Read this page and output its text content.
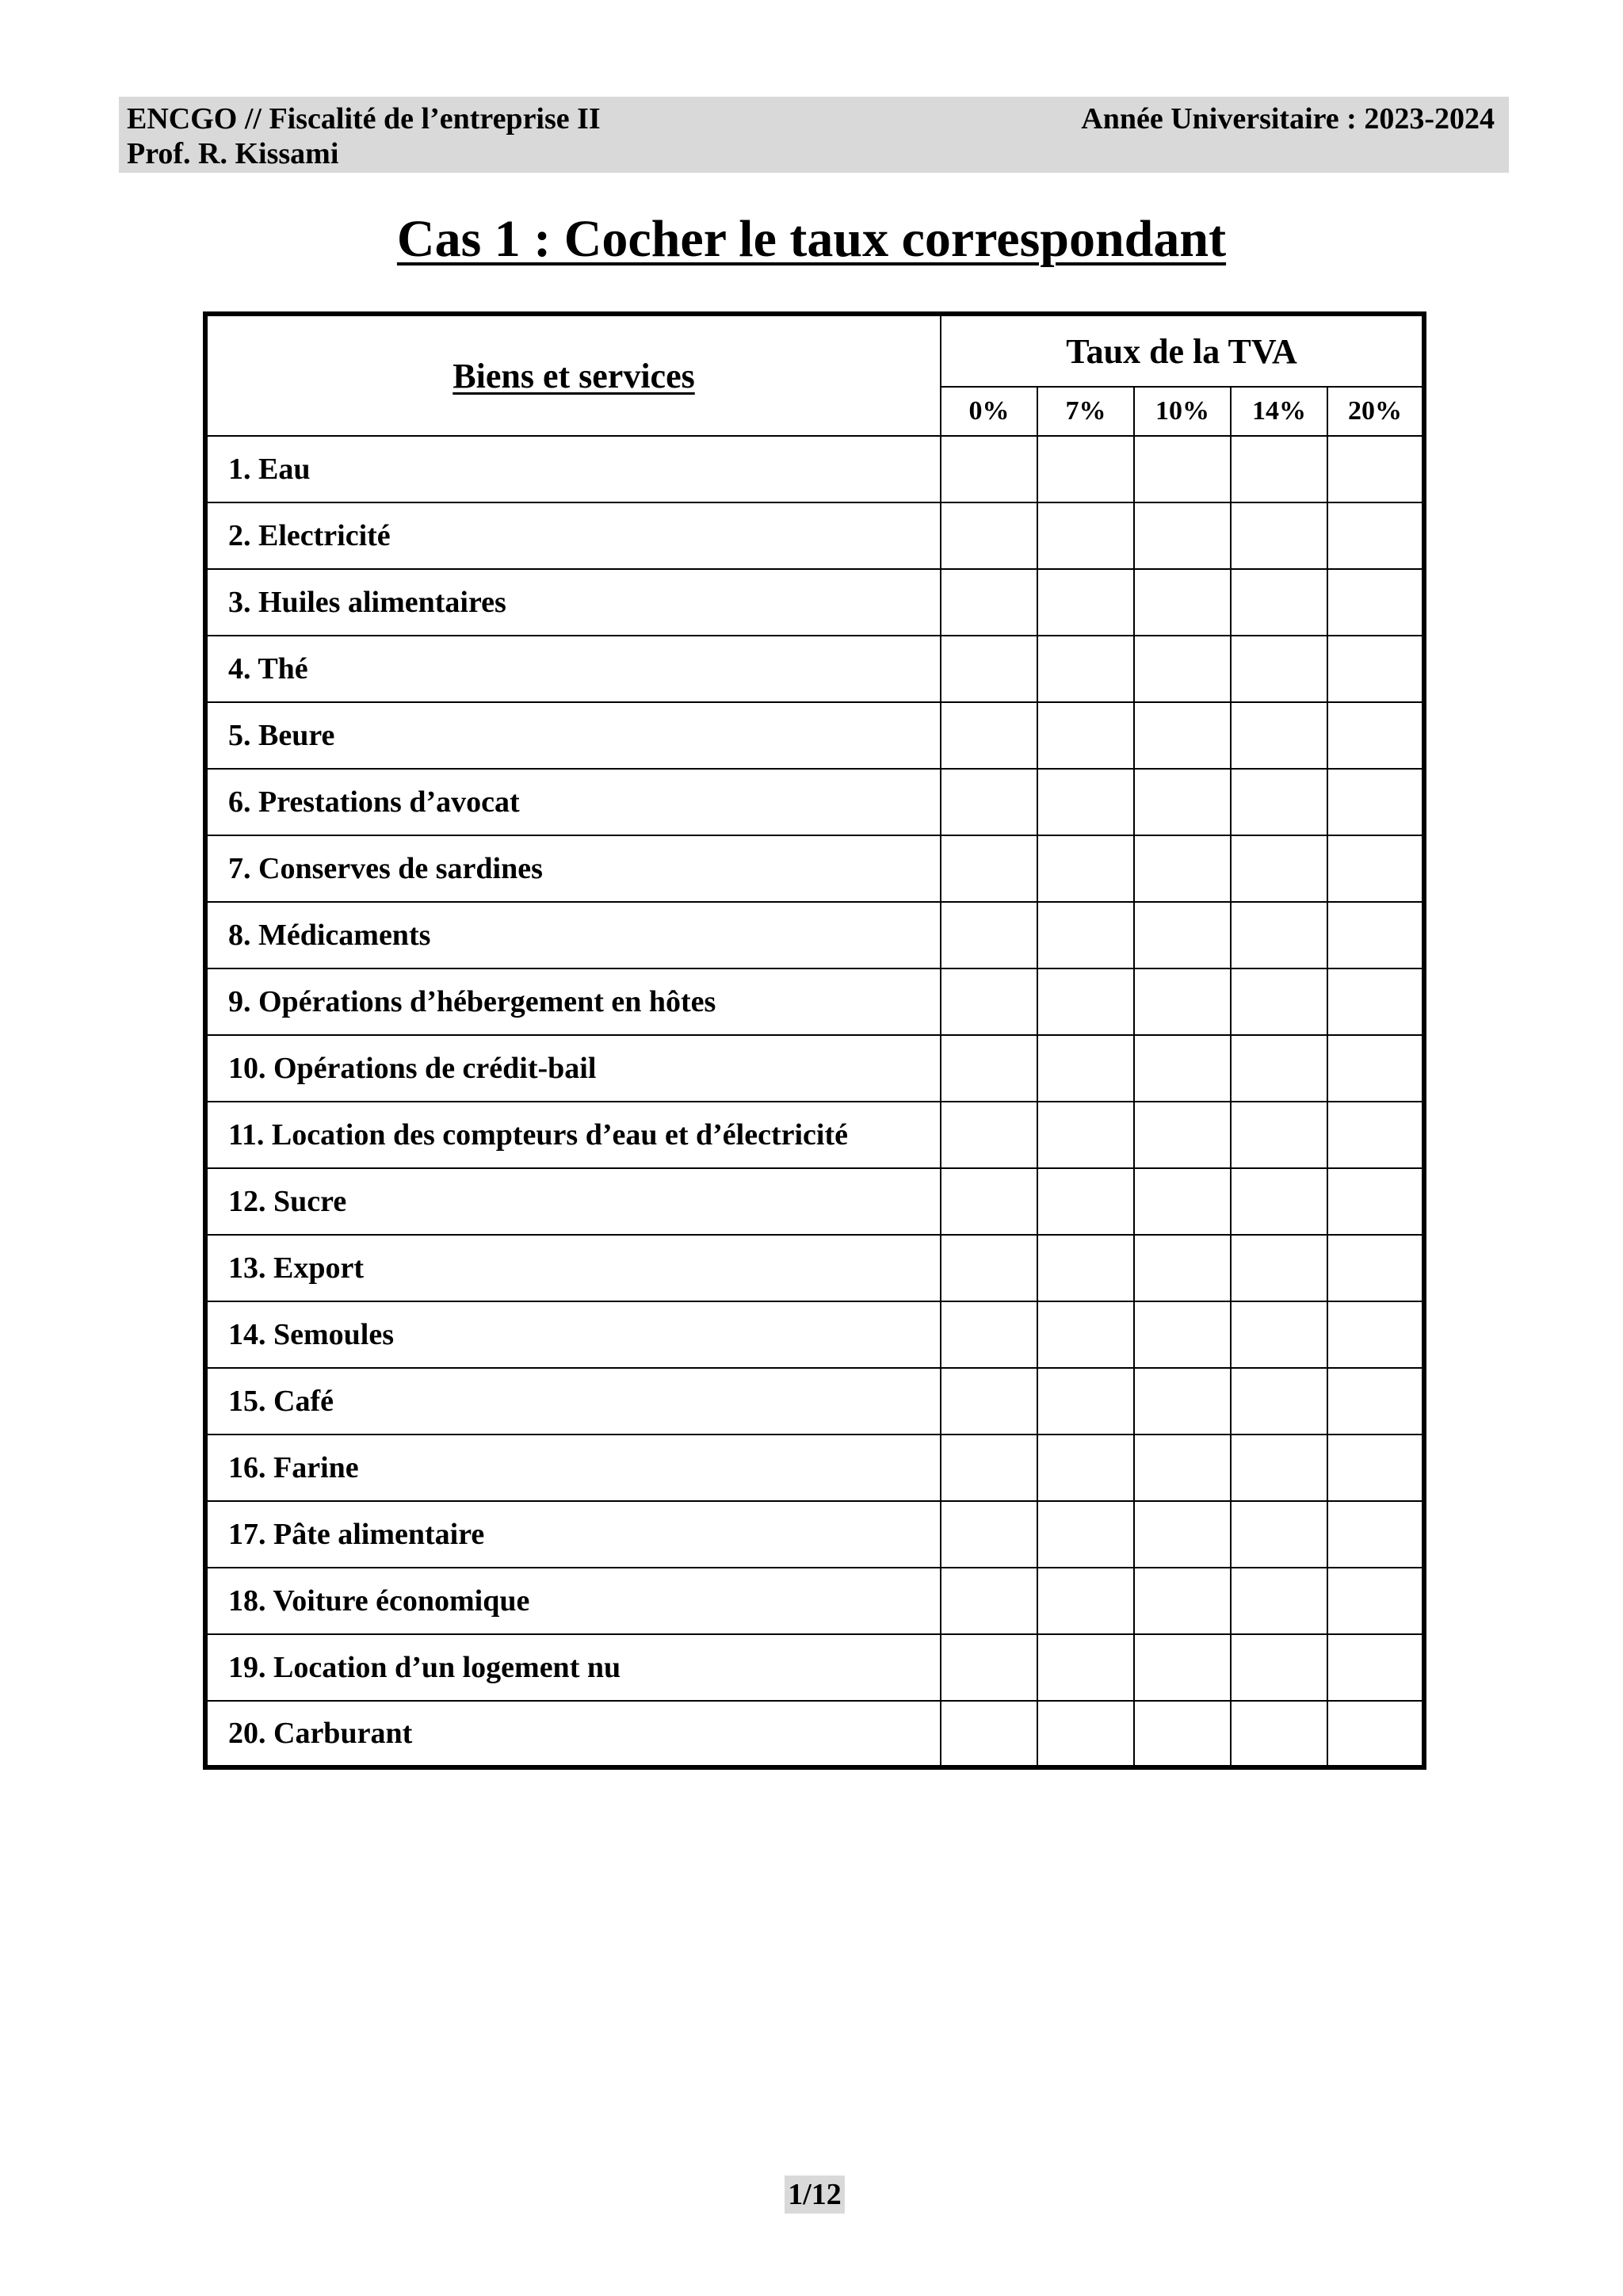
ENCGO // Fiscalité de l’entreprise II
Prof. R. Kissami
Année Universitaire : 2023-2024
Cas 1 : Cocher le taux correspondant
Biens et services	Taux de la TVA				
	0%	7%	10%	14%	20%
1. Eau					
2. Electricité					
3. Huiles alimentaires					
4. Thé					
5. Beure					
6. Prestations d’avocat					
7. Conserves de sardines					
8. Médicaments					
9. Opérations d’hébergement en hôtes					
10. Opérations de crédit-bail					
11. Location des compteurs d’eau et d’électricité					
12. Sucre					
13. Export					
14. Semoules					
15. Café					
16. Farine					
17. Pâte alimentaire					
18. Voiture économique					
19. Location d’un logement nu					
20. Carburant					
1/12
